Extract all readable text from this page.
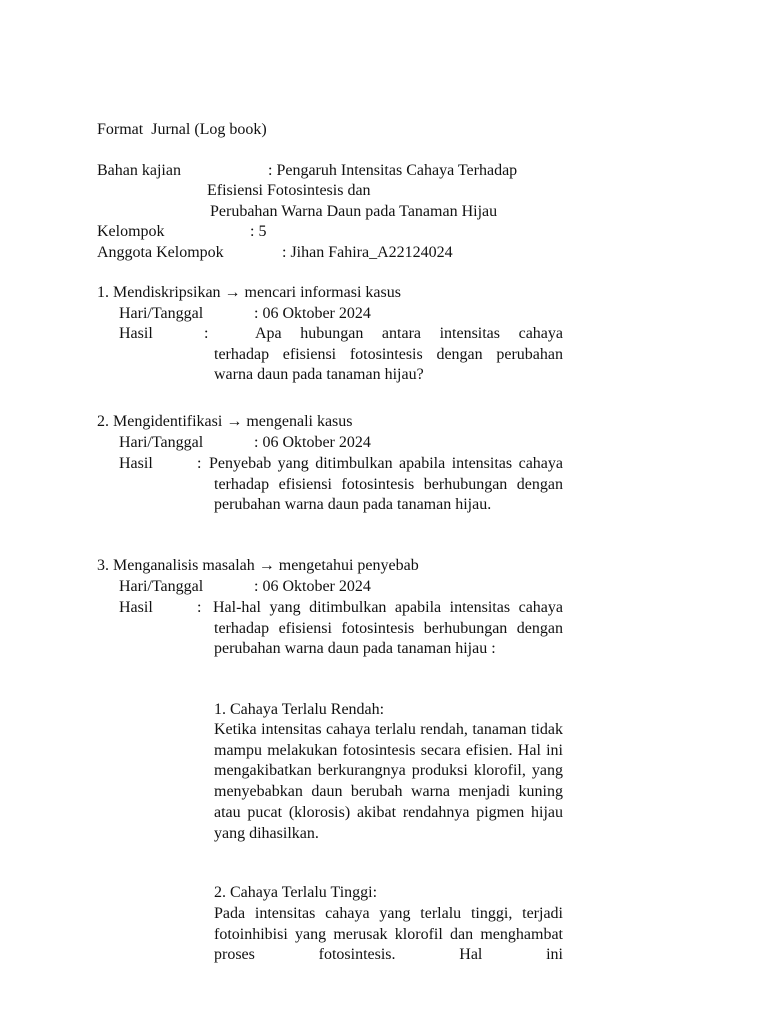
Format  Jurnal (Log book)
Bahan kajian	: Pengaruh Intensitas Cahaya Terhadap
Efisiensi Fotosintesis dan
Perubahan Warna Daun pada Tanaman Hijau
Kelompok	: 5
Anggota Kelompok	: Jihan Fahira_A22124024
1. Mendiskripsikan → mencari informasi kasus
Hari/Tanggal	: 06 Oktober 2024
Hasil	:	Apa hubungan antara intensitas cahaya terhadap efisiensi fotosintesis dengan perubahan warna daun pada tanaman hijau?
2. Mengidentifikasi → mengenali kasus
Hari/Tanggal	: 06 Oktober 2024
Hasil	: Penyebab yang ditimbulkan apabila intensitas cahaya terhadap efisiensi fotosintesis berhubungan dengan perubahan warna daun pada tanaman hijau.
3. Menganalisis masalah → mengetahui penyebab
Hari/Tanggal	: 06 Oktober 2024
Hasil	: Hal-hal yang ditimbulkan apabila intensitas cahaya terhadap efisiensi fotosintesis berhubungan dengan perubahan warna daun pada tanaman hijau :
1. Cahaya Terlalu Rendah:
Ketika intensitas cahaya terlalu rendah, tanaman tidak mampu melakukan fotosintesis secara efisien. Hal ini mengakibatkan berkurangnya produksi klorofil, yang menyebabkan daun berubah warna menjadi kuning atau pucat (klorosis) akibat rendahnya pigmen hijau yang dihasilkan.
2. Cahaya Terlalu Tinggi:
Pada intensitas cahaya yang terlalu tinggi, terjadi fotoinhibisi yang merusak klorofil dan menghambat proses fotosintesis. Hal ini
